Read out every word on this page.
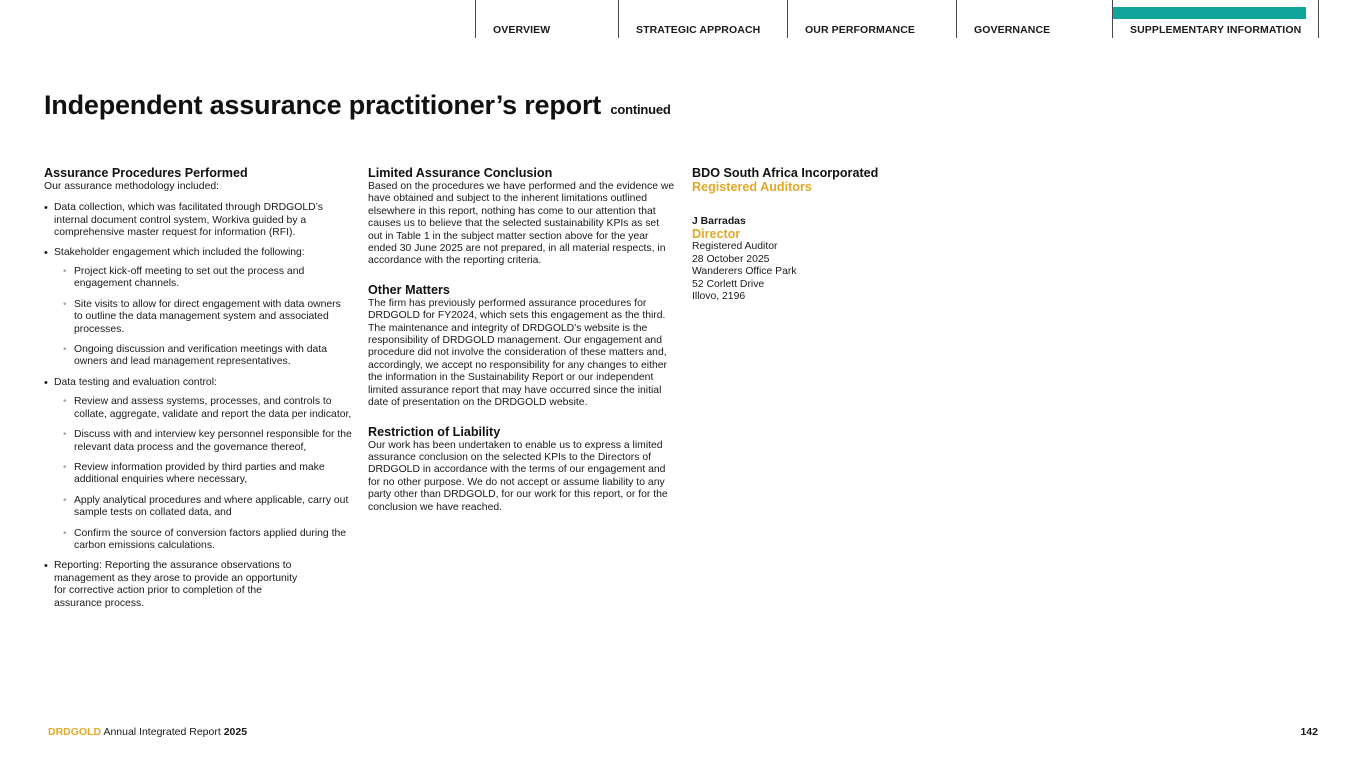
OVERVIEW	STRATEGIC APPROACH	OUR PERFORMANCE	GOVERNANCE	SUPPLEMENTARY INFORMATION
Independent assurance practitioner’s report continued
Assurance Procedures Performed
Our assurance methodology included:
• Data collection, which was facilitated through DRDGOLD’s internal document control system, Workiva guided by a comprehensive master request for information (RFI).
• Stakeholder engagement which included the following:
• Project kick-off meeting to set out the process and engagement channels.
• Site visits to allow for direct engagement with data owners to outline the data management system and associated processes.
• Ongoing discussion and verification meetings with data owners and lead management representatives.
• Data testing and evaluation control:
• Review and assess systems, processes, and controls to collate, aggregate, validate and report the data per indicator,
• Discuss with and interview key personnel responsible for the relevant data process and the governance thereof,
• Review information provided by third parties and make additional enquiries where necessary,
• Apply analytical procedures and where applicable, carry out sample tests on collated data, and
• Confirm the source of conversion factors applied during the carbon emissions calculations.
• Reporting: Reporting the assurance observations to
management as they arose to provide an opportunity
for corrective action prior to completion of the
assurance process.
Limited Assurance Conclusion
Based on the procedures we have performed and the evidence we have obtained and subject to the inherent limitations outlined elsewhere in this report, nothing has come to our attention that causes us to believe that the selected sustainability KPIs as set out in Table 1 in the subject matter section above for the year ended 30 June 2025 are not prepared, in all material respects, in accordance with the reporting criteria.
Other Matters
The firm has previously performed assurance procedures for DRDGOLD for FY2024, which sets this engagement as the third. The maintenance and integrity of DRDGOLD’s website is the responsibility of DRDGOLD management. Our engagement and procedure did not involve the consideration of these matters and, accordingly, we accept no responsibility for any changes to either the information in the Sustainability Report or our independent limited assurance report that may have occurred since the initial date of presentation on the DRDGOLD website.
Restriction of Liability
Our work has been undertaken to enable us to express a limited assurance conclusion on the selected KPIs to the Directors of DRDGOLD in accordance with the terms of our engagement and for no other purpose. We do not accept or assume liability to any party other than DRDGOLD, for our work for this report, or for the conclusion we have reached.
BDO South Africa Incorporated
Registered Auditors
J Barradas
Director
Registered Auditor
28 October 2025
Wanderers Office Park
52 Corlett Drive
Illovo, 2196
DRDGOLD Annual Integrated Report 2025	142
